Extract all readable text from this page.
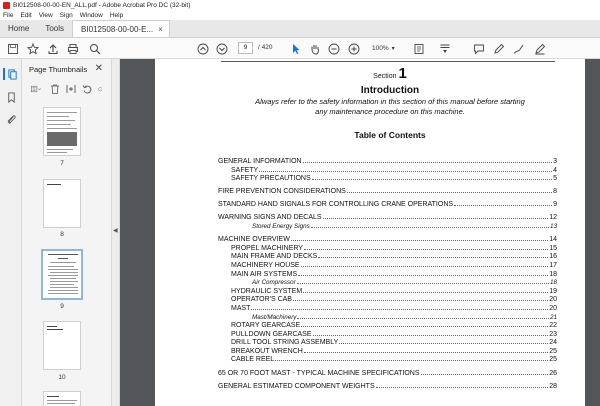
BI012508-00-00-EN_ALL.pdf - Adobe Acrobat Pro DC (32-bit)
File Edit View Sign Window Help
Home	Tools	BI012508-00-00-E... ×
9	/ 420	100% ▾
Page Thumbnails ✕
7
8
9
10
◀
Section 1
Introduction
Always refer to the safety information in this section of this manual before starting any maintenance procedure on this machine.
Table of Contents
GENERAL INFORMATION	3
SAFETY	4
SAFETY PRECAUTIONS	5
FIRE PREVENTION CONSIDERATIONS	8
STANDARD HAND SIGNALS FOR CONTROLLING CRANE OPERATIONS	9
WARNING SIGNS AND DECALS	12
Stored Energy Signs	13
MACHINE OVERVIEW	14
PROPEL MACHINERY	15
MAIN FRAME AND DECKS	16
MACHINERY HOUSE	17
MAIN AIR SYSTEMS	18
Air Compressor	18
HYDRAULIC SYSTEM	19
OPERATOR'S CAB	20
MAST	20
Mast/Machinery	21
ROTARY GEARCASE	22
PULLDOWN GEARCASE	23
DRILL TOOL STRING ASSEMBLY	24
BREAKOUT WRENCH	25
CABLE REEL	25
65 OR 70 FOOT MAST - TYPICAL MACHINE SPECIFICATIONS	26
GENERAL ESTIMATED COMPONENT WEIGHTS	28
